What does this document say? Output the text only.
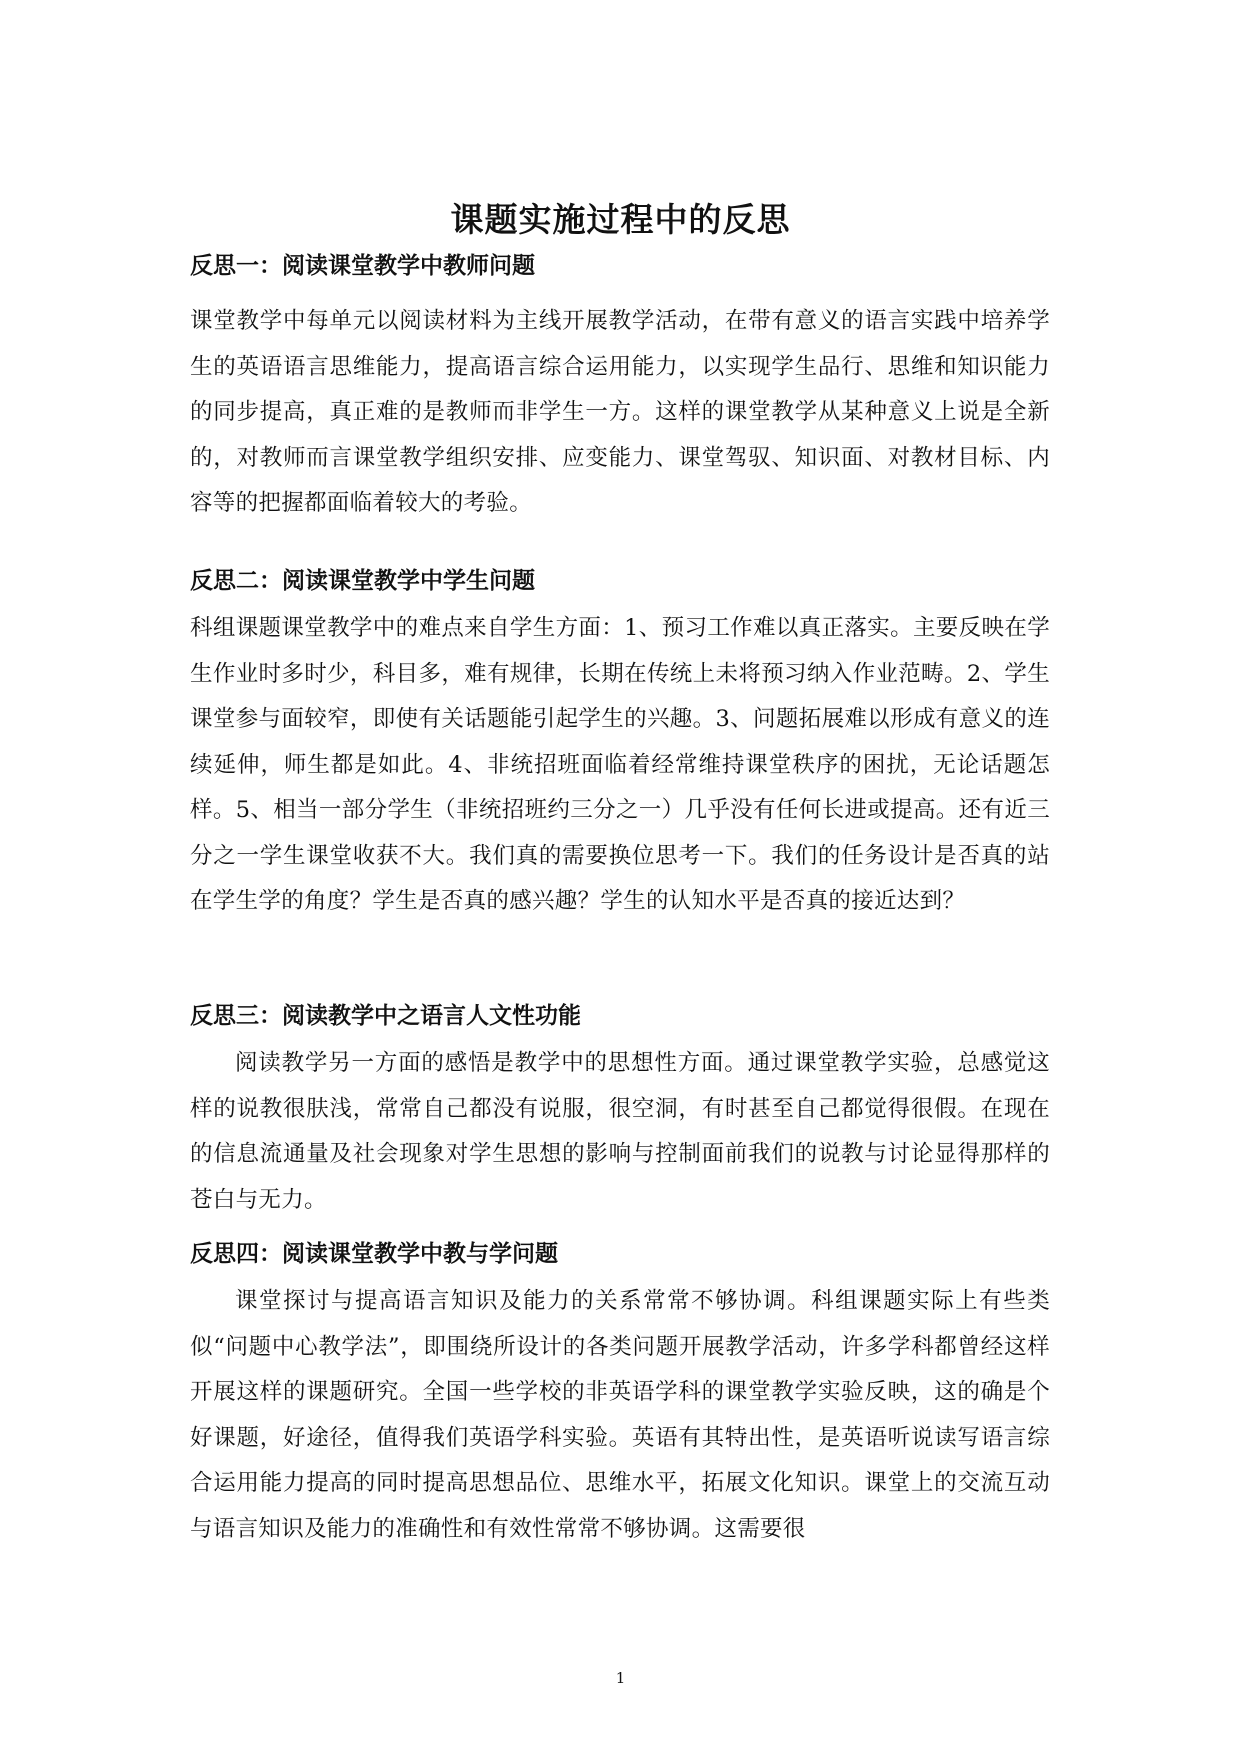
课题实施过程中的反思
反思一：阅读课堂教学中教师问题

课堂教学中每单元以阅读材料为主线开展教学活动，在带有意义的语言实践中培养学生的英语语言思维能力，提高语言综合运用能力，以实现学生品行、思维和知识能力的同步提高，真正难的是教师而非学生一方。这样的课堂教学从某种意义上说是全新的，对教师而言课堂教学组织安排、应变能力、课堂驾驭、知识面、对教材目标、内容等的把握都面临着较大的考验。

反思二：阅读课堂教学中学生问题

科组课题课堂教学中的难点来自学生方面：1、预习工作难以真正落实。主要反映在学生作业时多时少，科目多，难有规律，长期在传统上未将预习纳入作业范畴。2、学生课堂参与面较窄，即使有关话题能引起学生的兴趣。3、问题拓展难以形成有意义的连续延伸，师生都是如此。4、非统招班面临着经常维持课堂秩序的困扰，无论话题怎样。5、相当一部分学生（非统招班约三分之一）几乎没有任何长进或提高。还有近三分之一学生课堂收获不大。我们真的需要换位思考一下。我们的任务设计是否真的站在学生学的角度？学生是否真的感兴趣？学生的认知水平是否真的接近达到？

反思三：阅读教学中之语言人文性功能

阅读教学另一方面的感悟是教学中的思想性方面。通过课堂教学实验，总感觉这样的说教很肤浅，常常自己都没有说服，很空洞，有时甚至自己都觉得很假。在现在的信息流通量及社会现象对学生思想的影响与控制面前我们的说教与讨论显得那样的苍白与无力。

反思四：阅读课堂教学中教与学问题

课堂探讨与提高语言知识及能力的关系常常不够协调。科组课题实际上有些类似“问题中心教学法”，即围绕所设计的各类问题开展教学活动，许多学科都曾经这样开展这样的课题研究。全国一些学校的非英语学科的课堂教学实验反映，这的确是个好课题，好途径，值得我们英语学科实验。英语有其特出性，是英语听说读写语言综合运用能力提高的同时提高思想品位、思维水平，拓展文化知识。课堂上的交流互动与语言知识及能力的准确性和有效性常常不够协调。这需要很

1
